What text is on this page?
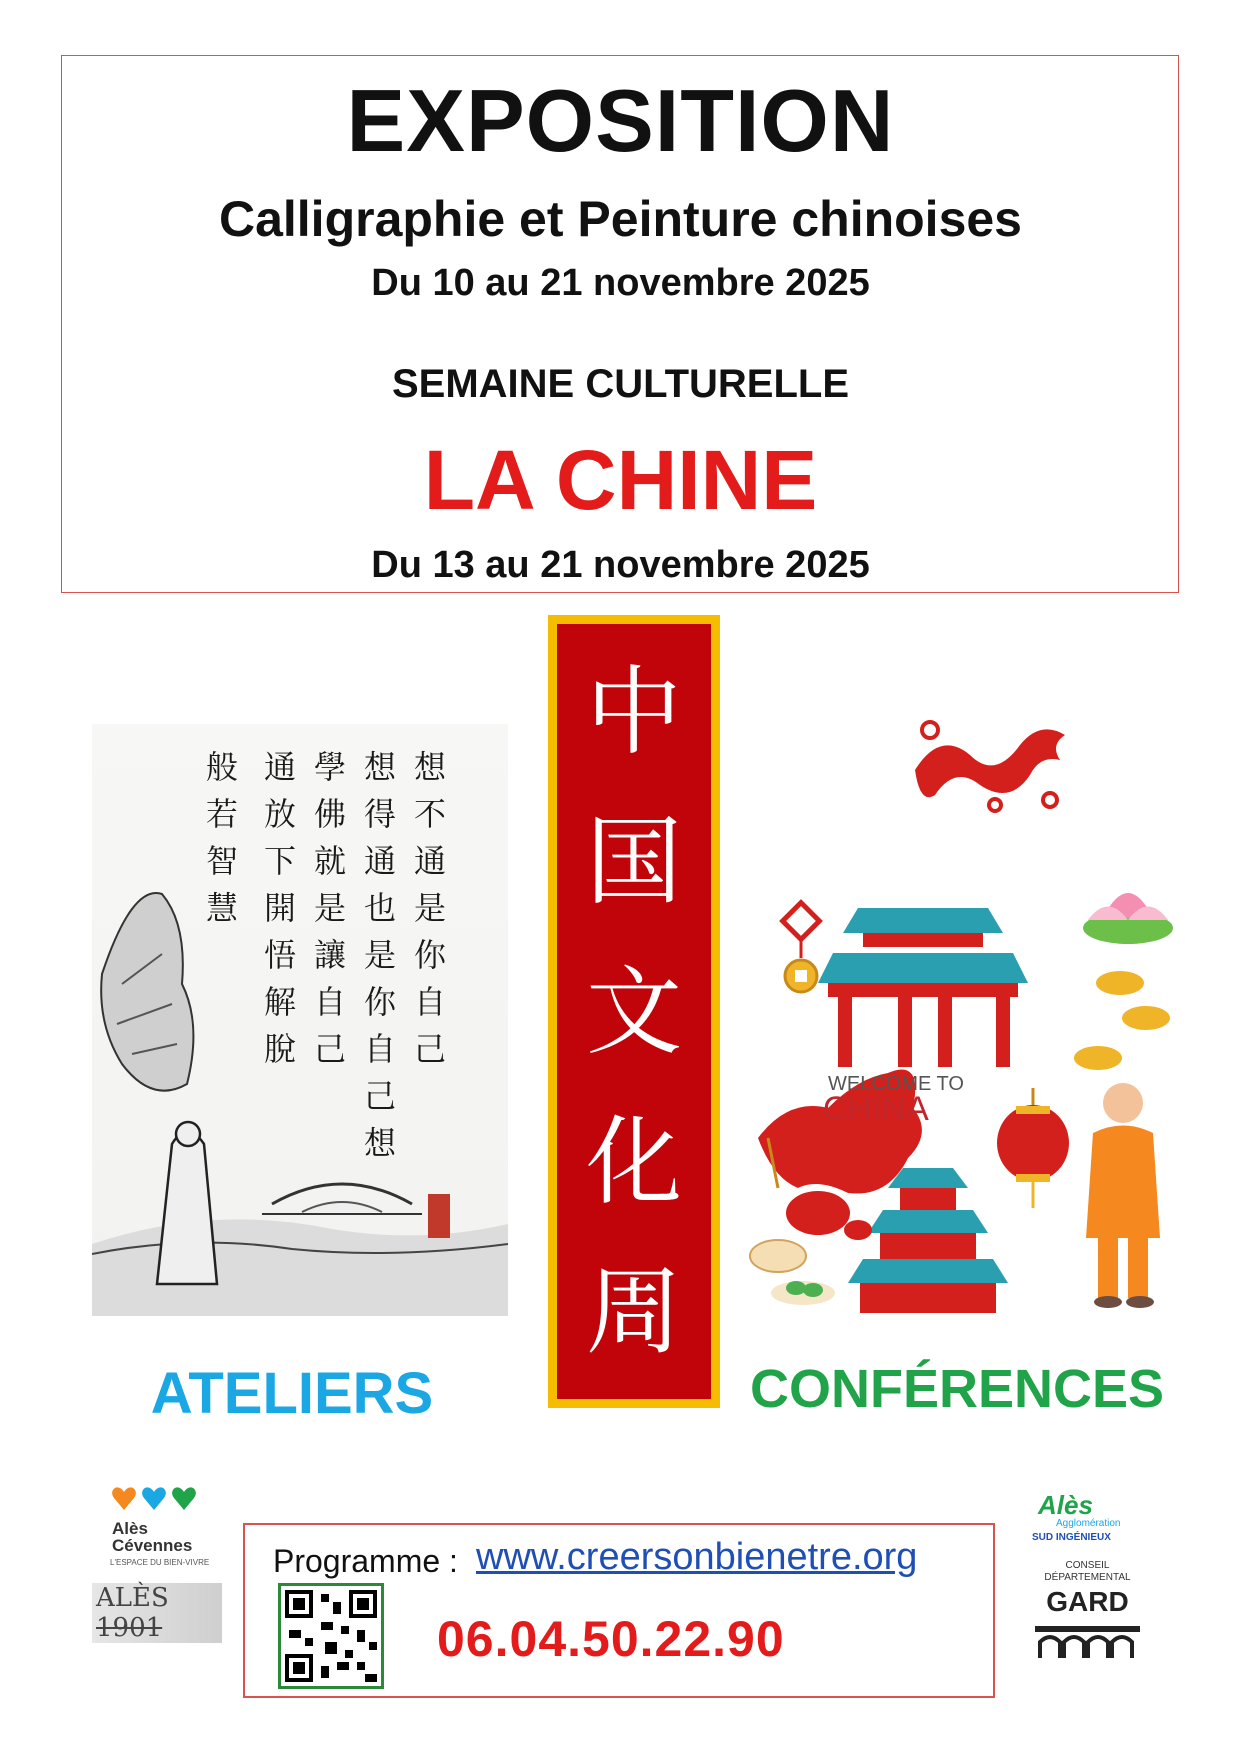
EXPOSITION
Calligraphie et Peinture chinoises
Du 10 au 21 novembre 2025
SEMAINE CULTURELLE
LA CHINE
Du 13 au 21 novembre 2025
想
不
通
是
你
自
己
想
得
通
也
是
你
自
己
想
學
佛
就
是
讓
自
己
通
放
下
開
悟
解
脫
般
若
智
慧
中
国
文
化
周
WELCOME TO
CHINA
ATELIERS	CONFÉRENCES
Programme : www.creersonbienetre.org
06.04.50.22.90
Alès
Cévennes
L'ESPACE DU BIEN-VIVRE
ALÈS
1901
Alès
Agglomération
SUD INGÉNIEUX
CONSEIL
DÉPARTEMENTAL
GARD
